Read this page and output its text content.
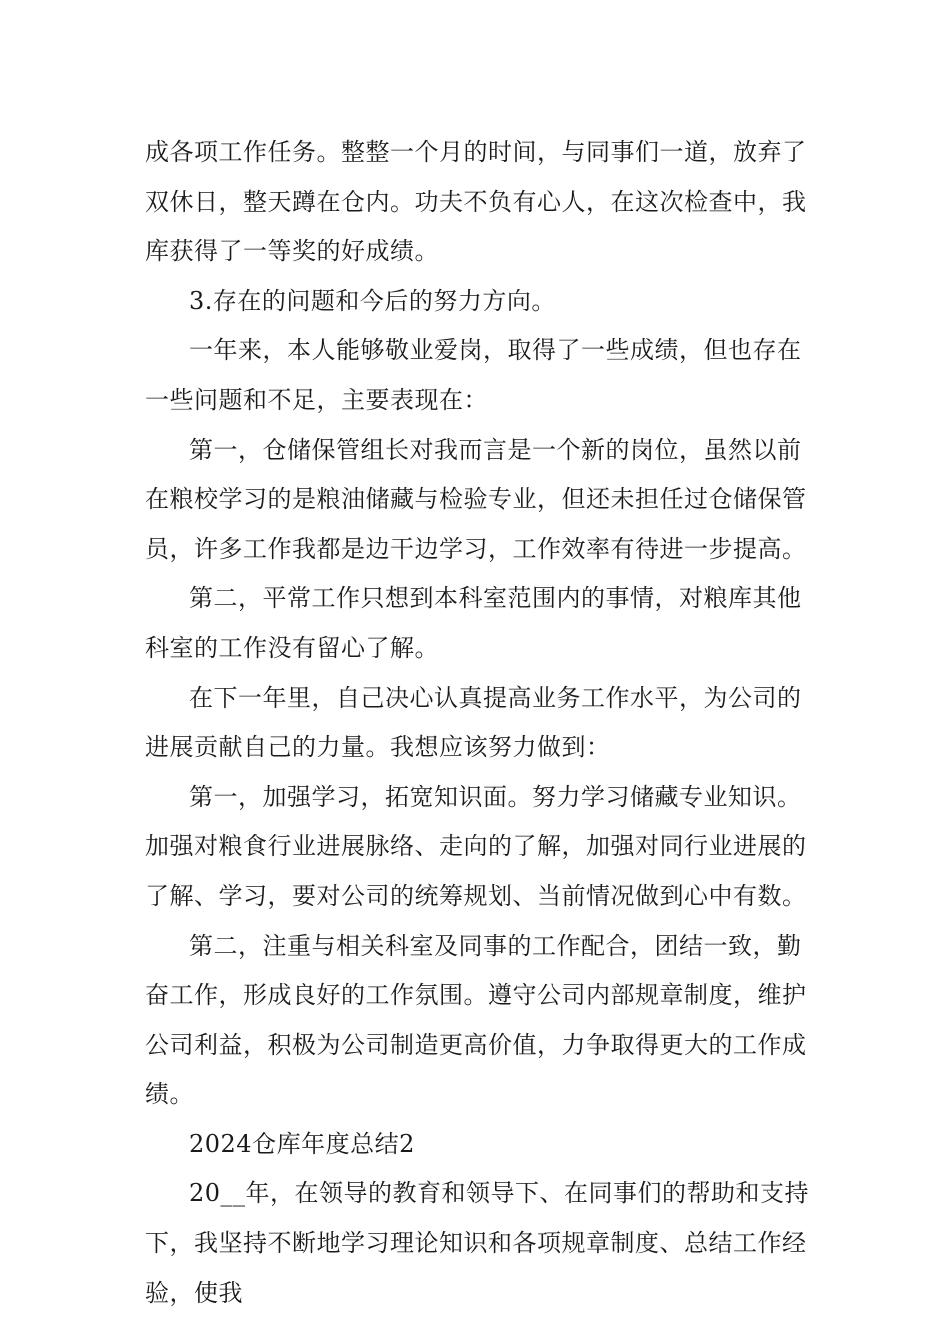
成各项工作任务。整整一个月的时间，与同事们一道，放弃了双休日，整天蹲在仓内。功夫不负有心人，在这次检查中，我库获得了一等奖的好成绩。

3.存在的问题和今后的努力方向。

一年来，本人能够敬业爱岗，取得了一些成绩，但也存在一些问题和不足，主要表现在：

第一，仓储保管组长对我而言是一个新的岗位，虽然以前在粮校学习的是粮油储藏与检验专业，但还未担任过仓储保管员，许多工作我都是边干边学习，工作效率有待进一步提高。

第二，平常工作只想到本科室范围内的事情，对粮库其他科室的工作没有留心了解。

在下一年里，自己决心认真提高业务工作水平，为公司的进展贡献自己的力量。我想应该努力做到：

第一，加强学习，拓宽知识面。努力学习储藏专业知识。加强对粮食行业进展脉络、走向的了解，加强对同行业进展的了解、学习，要对公司的统筹规划、当前情况做到心中有数。

第二，注重与相关科室及同事的工作配合，团结一致，勤奋工作，形成良好的工作氛围。遵守公司内部规章制度，维护公司利益，积极为公司制造更高价值，力争取得更大的工作成绩。

2024仓库年度总结2

20__年，在领导的教育和领导下、在同事们的帮助和支持下，我坚持不断地学习理论知识和各项规章制度、总结工作经验，使我
